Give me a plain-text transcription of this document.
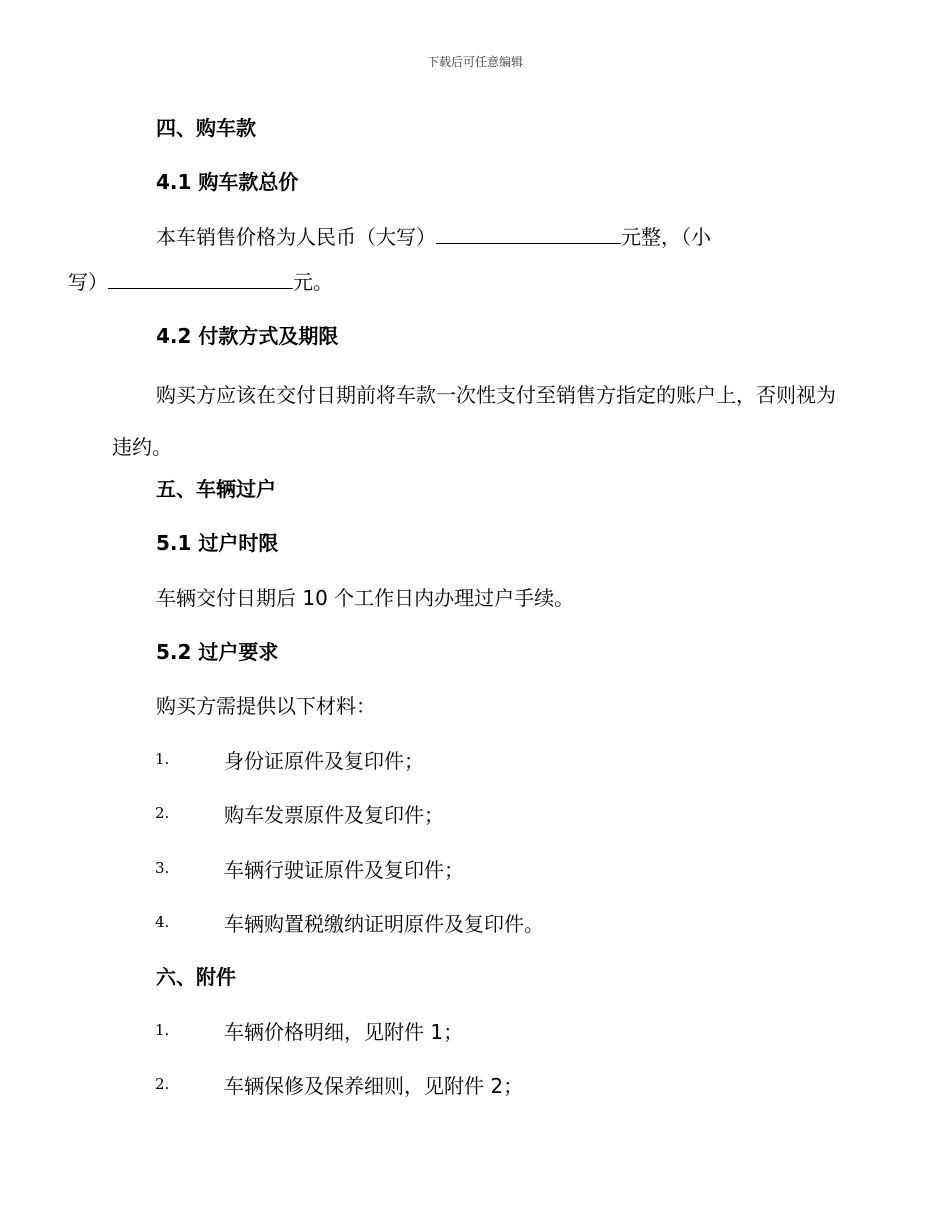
下载后可任意编辑
四、购车款
4.1 购车款总价
本车销售价格为人民币（大写）	元整，（小
写）	元。
4.2 付款方式及期限
购买方应该在交付日期前将车款一次性支付至销售方指定的账户上，否则视为违约。
五、车辆过户
5.1 过户时限
车辆交付日期后 10 个工作日内办理过户手续。
5.2 过户要求
购买方需提供以下材料：
1.	身份证原件及复印件；
2.	购车发票原件及复印件；
3.	车辆行驶证原件及复印件；
4.	车辆购置税缴纳证明原件及复印件。
六、附件
1.	车辆价格明细，见附件 1；
2.	车辆保修及保养细则，见附件 2；
